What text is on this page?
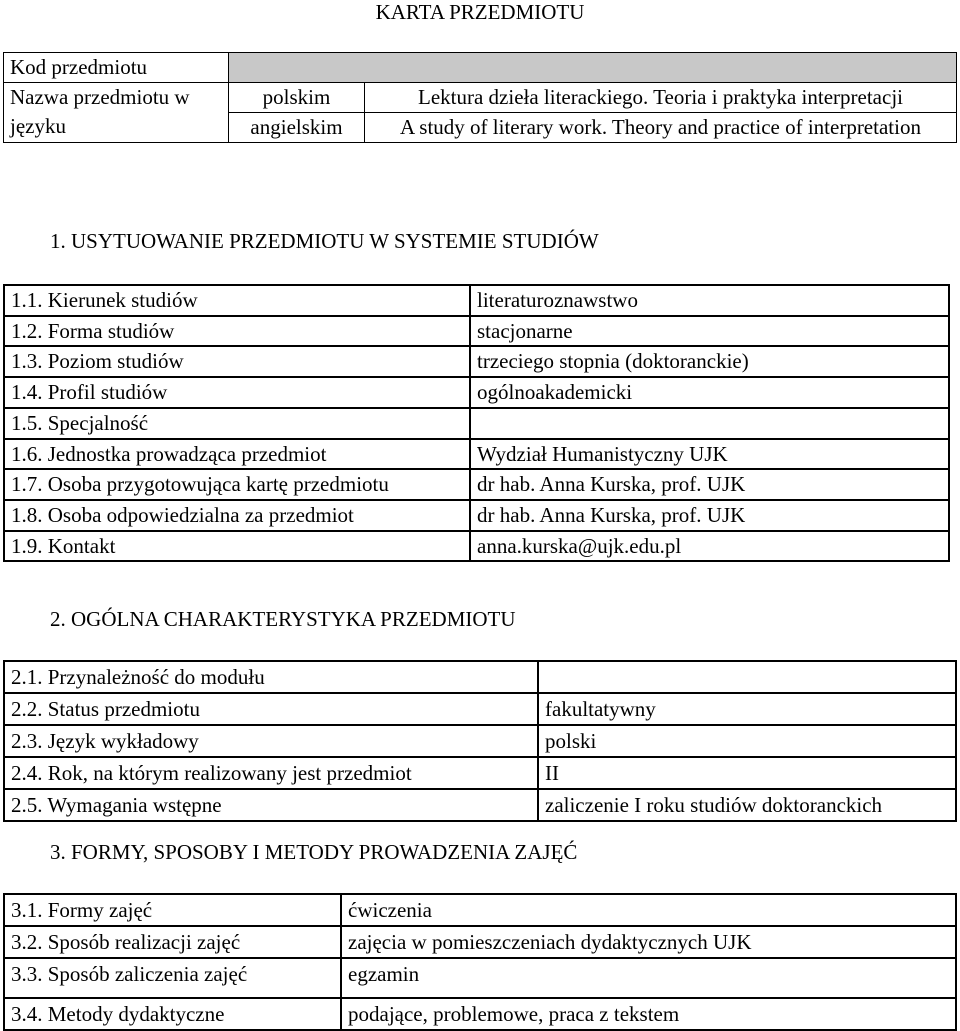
KARTA PRZEDMIOTU
Kod przedmiotu		
Nazwa przedmiotu w języku	polskim	Lektura dzieła literackiego. Teoria i praktyka interpretacji
	angielskim	A study of literary work. Theory and practice of interpretation
1. USYTUOWANIE PRZEDMIOTU W SYSTEMIE STUDIÓW
1.1. Kierunek studiów	literaturoznawstwo
1.2. Forma studiów	stacjonarne
1.3. Poziom studiów	trzeciego stopnia (doktoranckie)
1.4. Profil studiów	ogólnoakademicki
1.5. Specjalność	
1.6. Jednostka prowadząca przedmiot	Wydział Humanistyczny UJK
1.7. Osoba przygotowująca kartę przedmiotu	dr hab. Anna Kurska, prof. UJK
1.8. Osoba odpowiedzialna za przedmiot	dr hab. Anna Kurska, prof. UJK
1.9. Kontakt	anna.kurska@ujk.edu.pl
2. OGÓLNA CHARAKTERYSTYKA PRZEDMIOTU
2.1. Przynależność do modułu	
2.2. Status przedmiotu	fakultatywny
2.3. Język wykładowy	polski
2.4. Rok, na którym realizowany jest przedmiot	II
2.5. Wymagania wstępne	zaliczenie I roku studiów doktoranckich
3. FORMY, SPOSOBY I METODY PROWADZENIA ZAJĘĆ
3.1. Formy zajęć	ćwiczenia
3.2. Sposób realizacji zajęć	zajęcia w pomieszczeniach dydaktycznych UJK
3.3. Sposób zaliczenia zajęć	egzamin
3.4. Metody dydaktyczne	podające, problemowe, praca z tekstem
